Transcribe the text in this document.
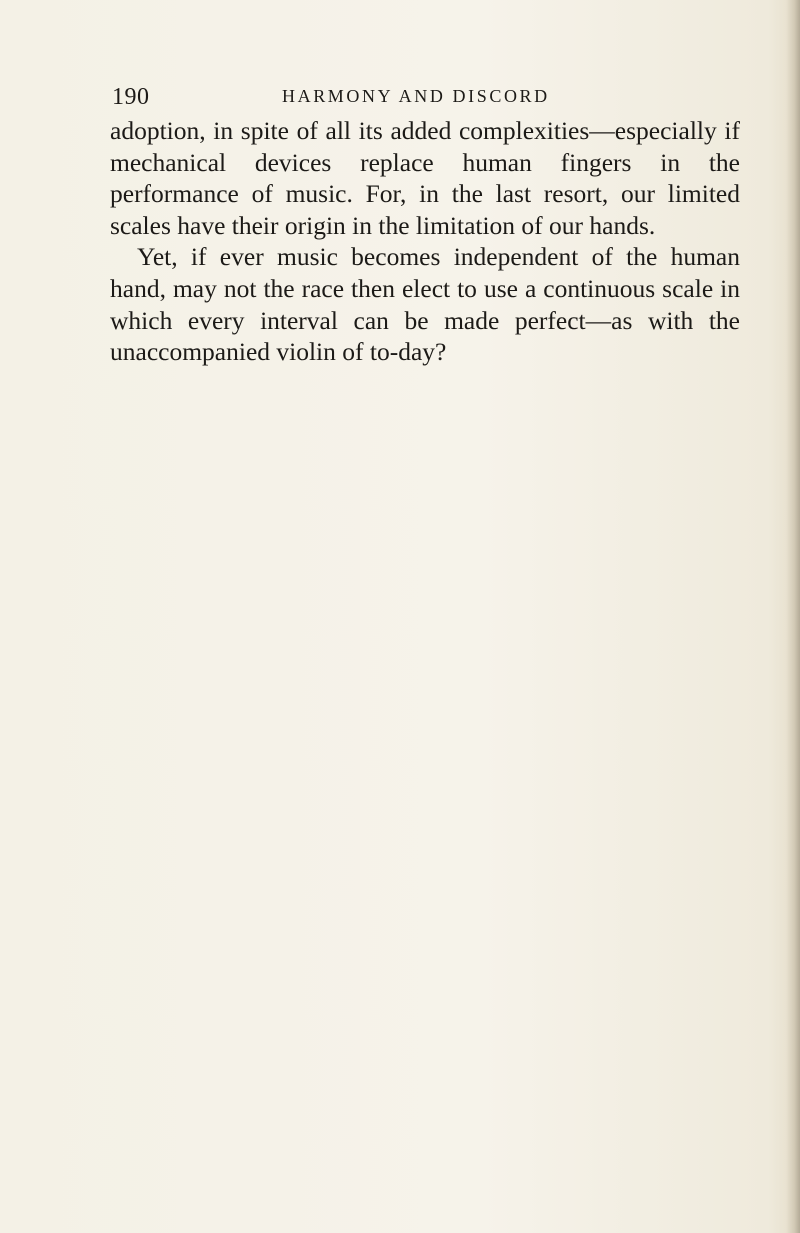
190	HARMONY AND DISCORD

adoption, in spite of all its added complexities—especially if mechanical devices replace human fingers in the performance of music. For, in the last resort, our limited scales have their origin in the limitation of our hands.

Yet, if ever music becomes independent of the human hand, may not the race then elect to use a continuous scale in which every interval can be made perfect—as with the unaccompanied violin of to-day?
